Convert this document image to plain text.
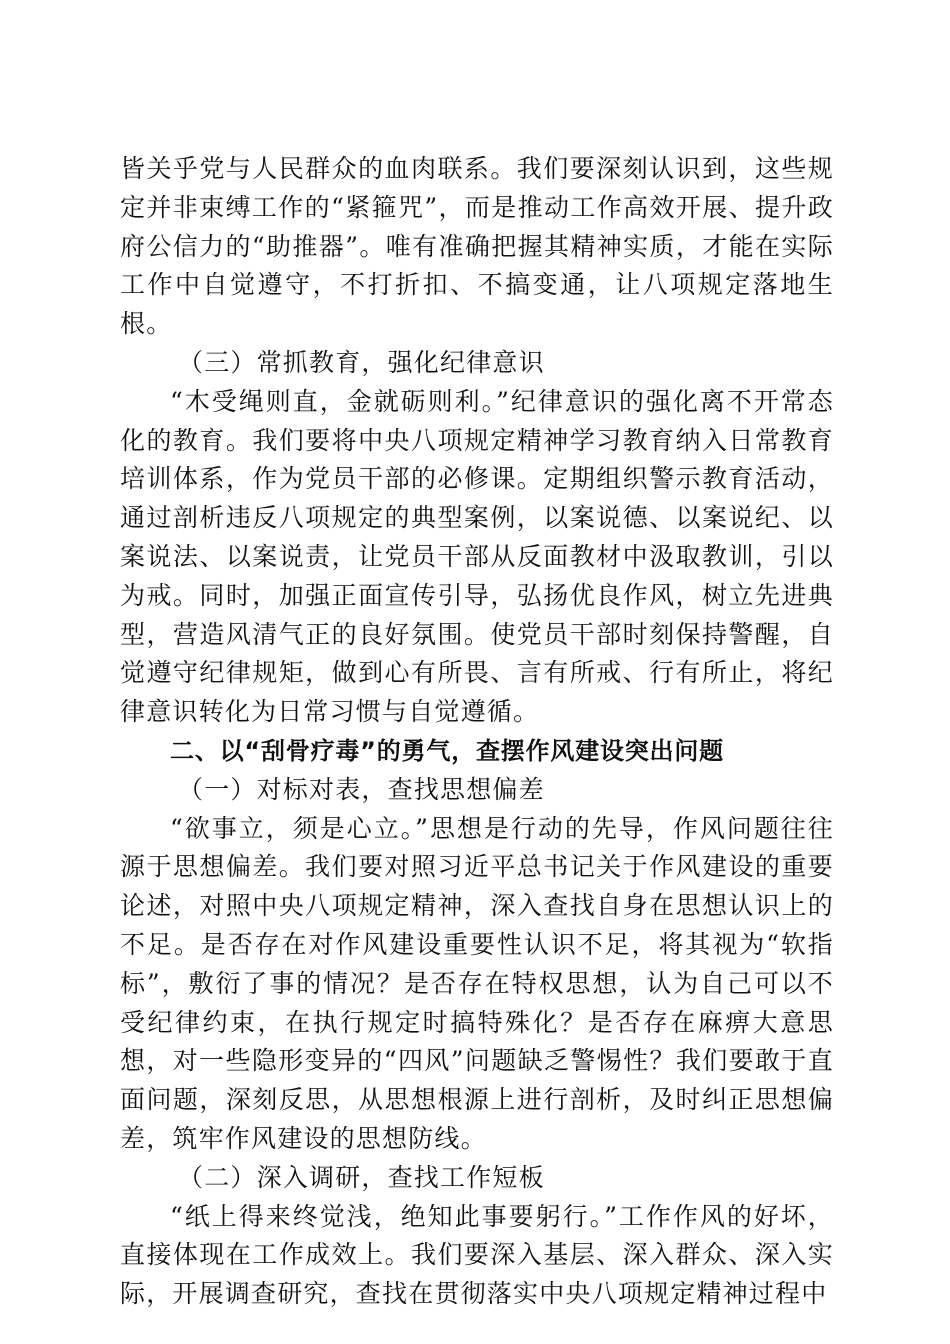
皆关乎党与人民群众的血肉联系。我们要深刻认识到，这些规定并非束缚工作的“紧箍咒”，而是推动工作高效开展、提升政府公信力的“助推器”。唯有准确把握其精神实质，才能在实际工作中自觉遵守，不打折扣、不搞变通，让八项规定落地生根。

（三）常抓教育，强化纪律意识

“木受绳则直，金就砺则利。”纪律意识的强化离不开常态化的教育。我们要将中央八项规定精神学习教育纳入日常教育培训体系，作为党员干部的必修课。定期组织警示教育活动，通过剖析违反八项规定的典型案例，以案说德、以案说纪、以案说法、以案说责，让党员干部从反面教材中汲取教训，引以为戒。同时，加强正面宣传引导，弘扬优良作风，树立先进典型，营造风清气正的良好氛围。使党员干部时刻保持警醒，自觉遵守纪律规矩，做到心有所畏、言有所戒、行有所止，将纪律意识转化为日常习惯与自觉遵循。

二、以“刮骨疗毒”的勇气，查摆作风建设突出问题

（一）对标对表，查找思想偏差

“欲事立，须是心立。”思想是行动的先导，作风问题往往源于思想偏差。我们要对照习近平总书记关于作风建设的重要论述，对照中央八项规定精神，深入查找自身在思想认识上的不足。是否存在对作风建设重要性认识不足，将其视为“软指标”，敷衍了事的情况？是否存在特权思想，认为自己可以不受纪律约束，在执行规定时搞特殊化？是否存在麻痹大意思想，对一些隐形变异的“四风”问题缺乏警惕性？我们要敢于直面问题，深刻反思，从思想根源上进行剖析，及时纠正思想偏差，筑牢作风建设的思想防线。

（二）深入调研，查找工作短板

“纸上得来终觉浅，绝知此事要躬行。”工作作风的好坏，直接体现在工作成效上。我们要深入基层、深入群众、深入实际，开展调查研究，查找在贯彻落实中央八项规定精神过程中
